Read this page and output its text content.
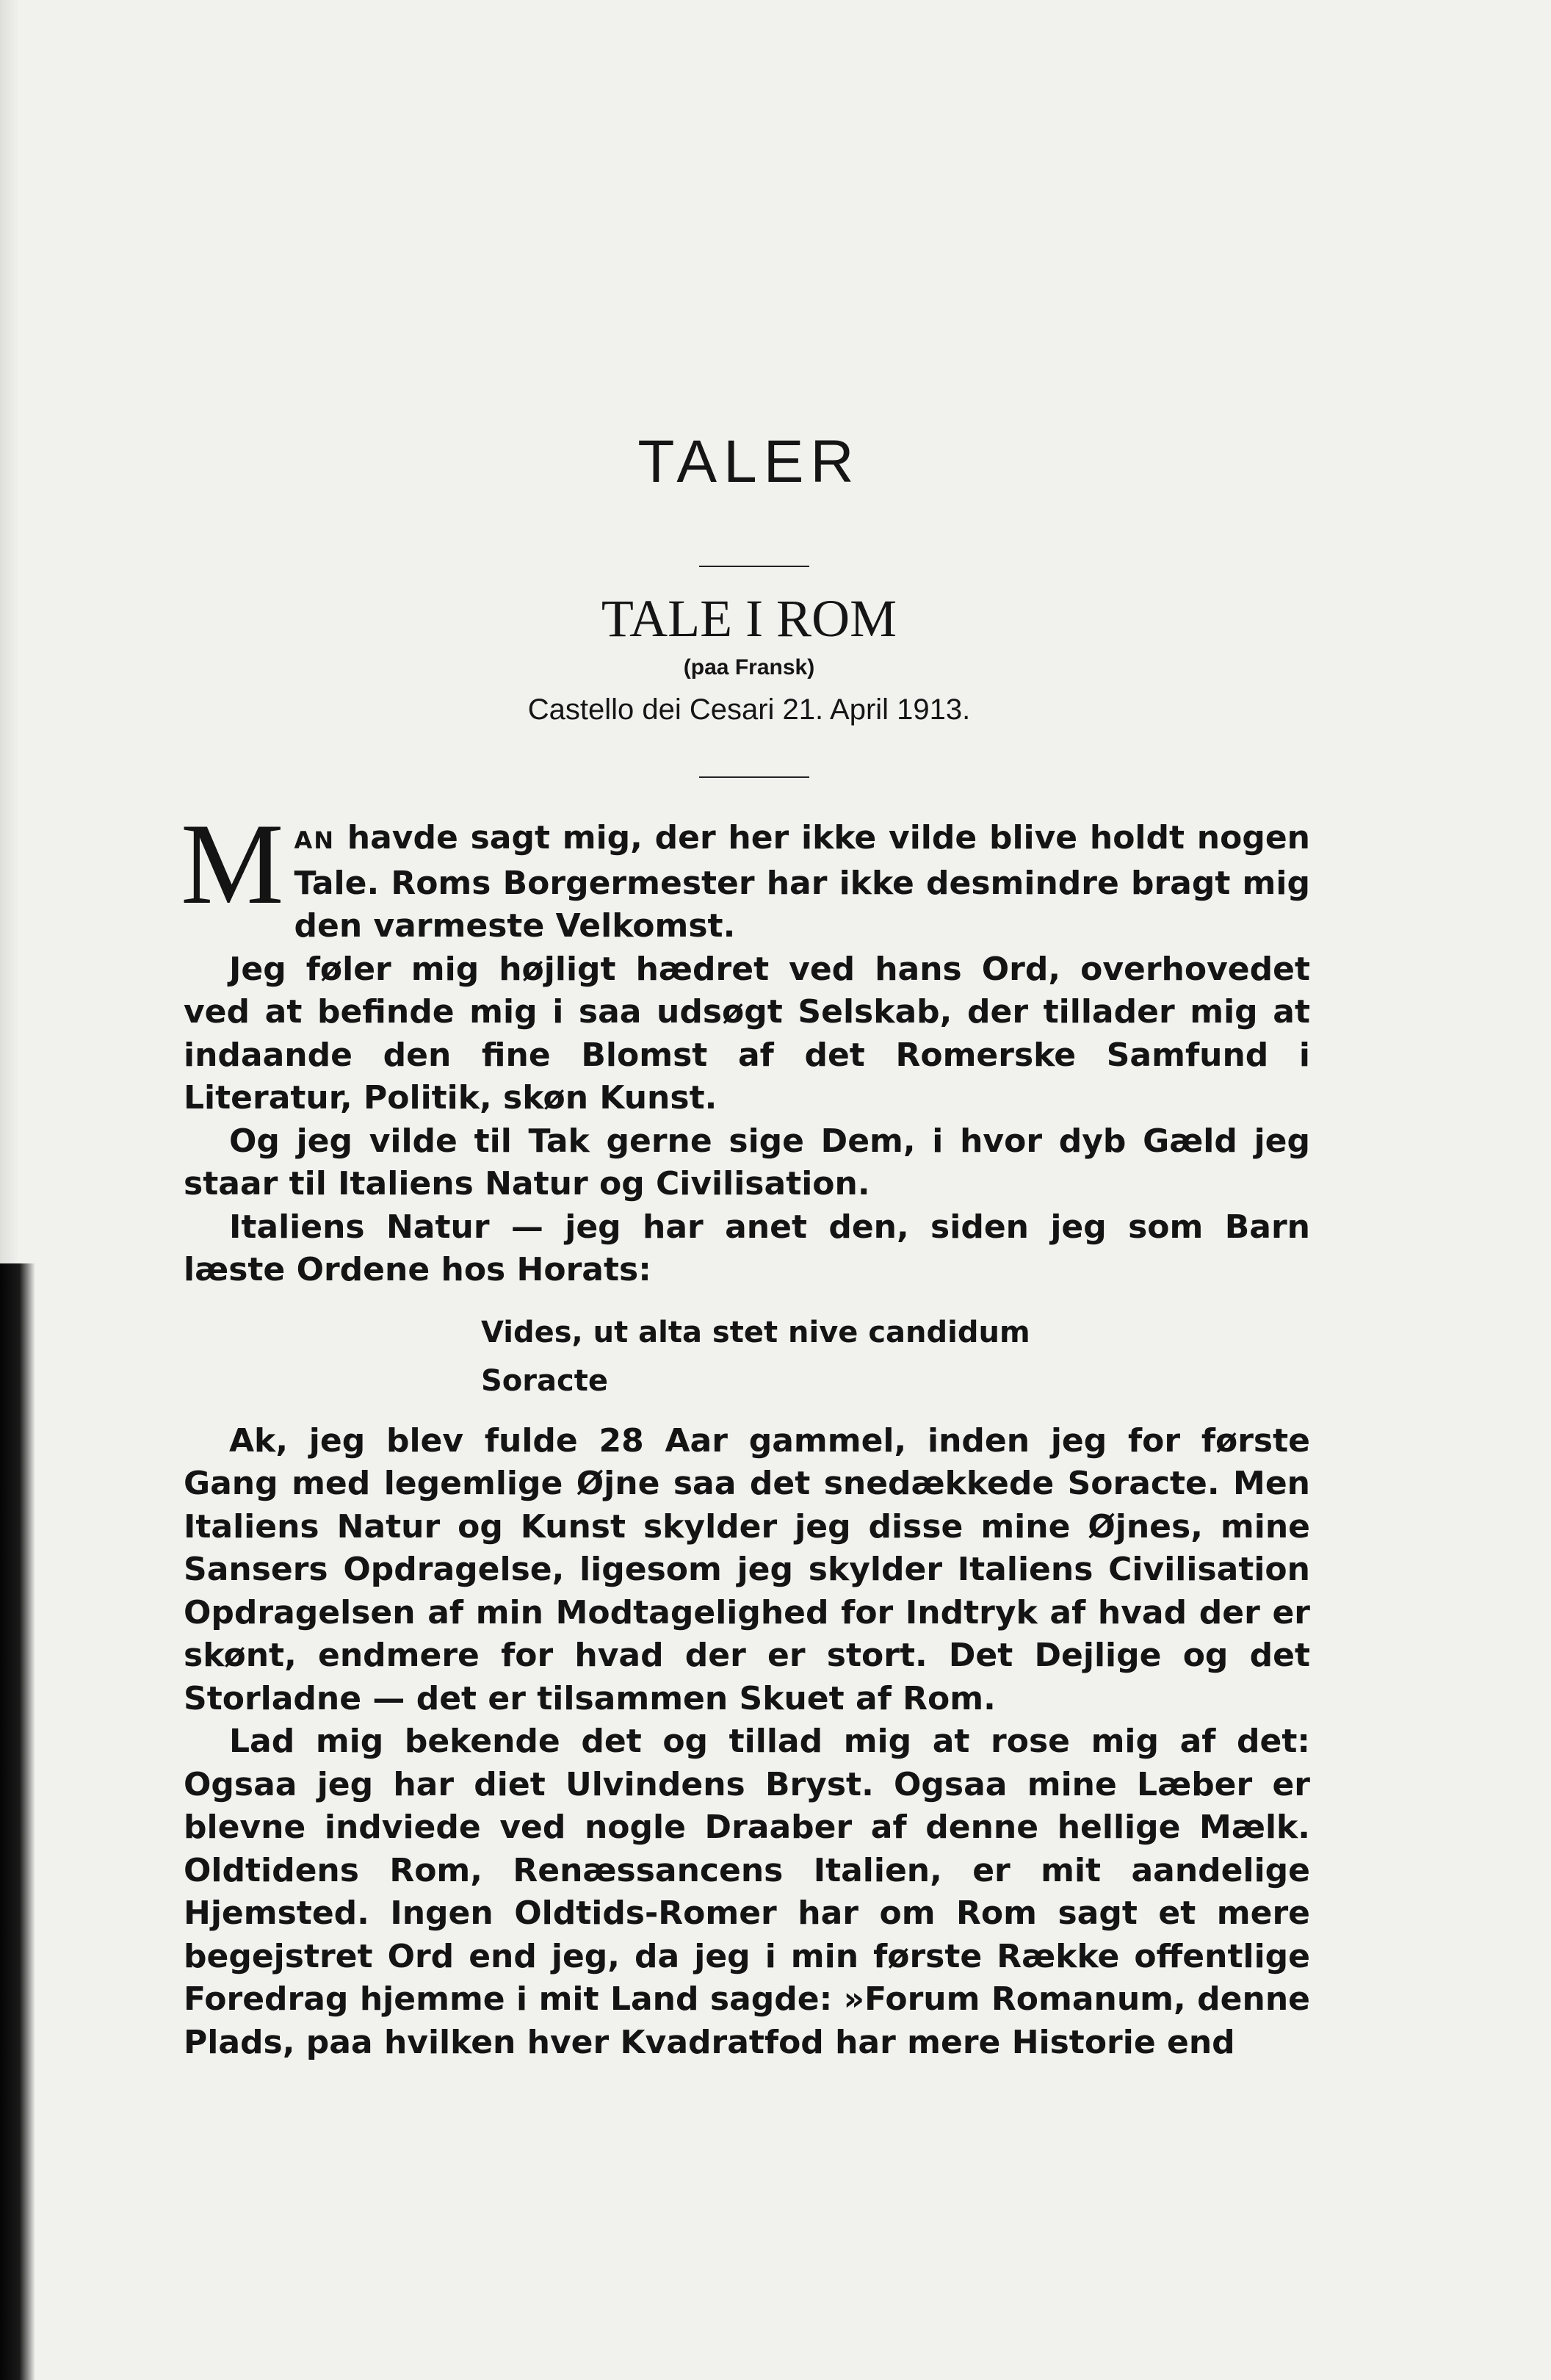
TALER
TALE I ROM
(paa Fransk)
Castello dei Cesari 21. April 1913.

MAN havde sagt mig, der her ikke vilde blive holdt nogen Tale. Roms Borgermester har ikke desmindre bragt mig den varmeste Velkomst.

Jeg føler mig højligt hædret ved hans Ord, overhovedet ved at befinde mig i saa udsøgt Selskab, der tillader mig at indaande den fine Blomst af det Romerske Samfund i Literatur, Politik, skøn Kunst.

Og jeg vilde til Tak gerne sige Dem, i hvor dyb Gæld jeg staar til Italiens Natur og Civilisation.

Italiens Natur — jeg har anet den, siden jeg som Barn læste Ordene hos Horats:

Vides, ut alta stet nive candidum
Soracte

Ak, jeg blev fulde 28 Aar gammel, inden jeg for første Gang med legemlige Øjne saa det snedækkede Soracte. Men Italiens Natur og Kunst skylder jeg disse mine Øjnes, mine Sansers Opdragelse, ligesom jeg skylder Italiens Civilisation Opdragelsen af min Modtagelighed for Indtryk af hvad der er skønt, endmere for hvad der er stort. Det Dejlige og det Storladne — det er tilsammen Skuet af Rom.

Lad mig bekende det og tillad mig at rose mig af det: Ogsaa jeg har diet Ulvindens Bryst. Ogsaa mine Læber er blevne indviede ved nogle Draaber af denne hellige Mælk. Oldtidens Rom, Renæssancens Italien, er mit aandelige Hjemsted. Ingen Oldtids-Romer har om Rom sagt et mere begejstret Ord end jeg, da jeg i min første Række offentlige Foredrag hjemme i mit Land sagde: »Forum Romanum, denne Plads, paa hvilken hver Kvadratfod har mere Historie end
